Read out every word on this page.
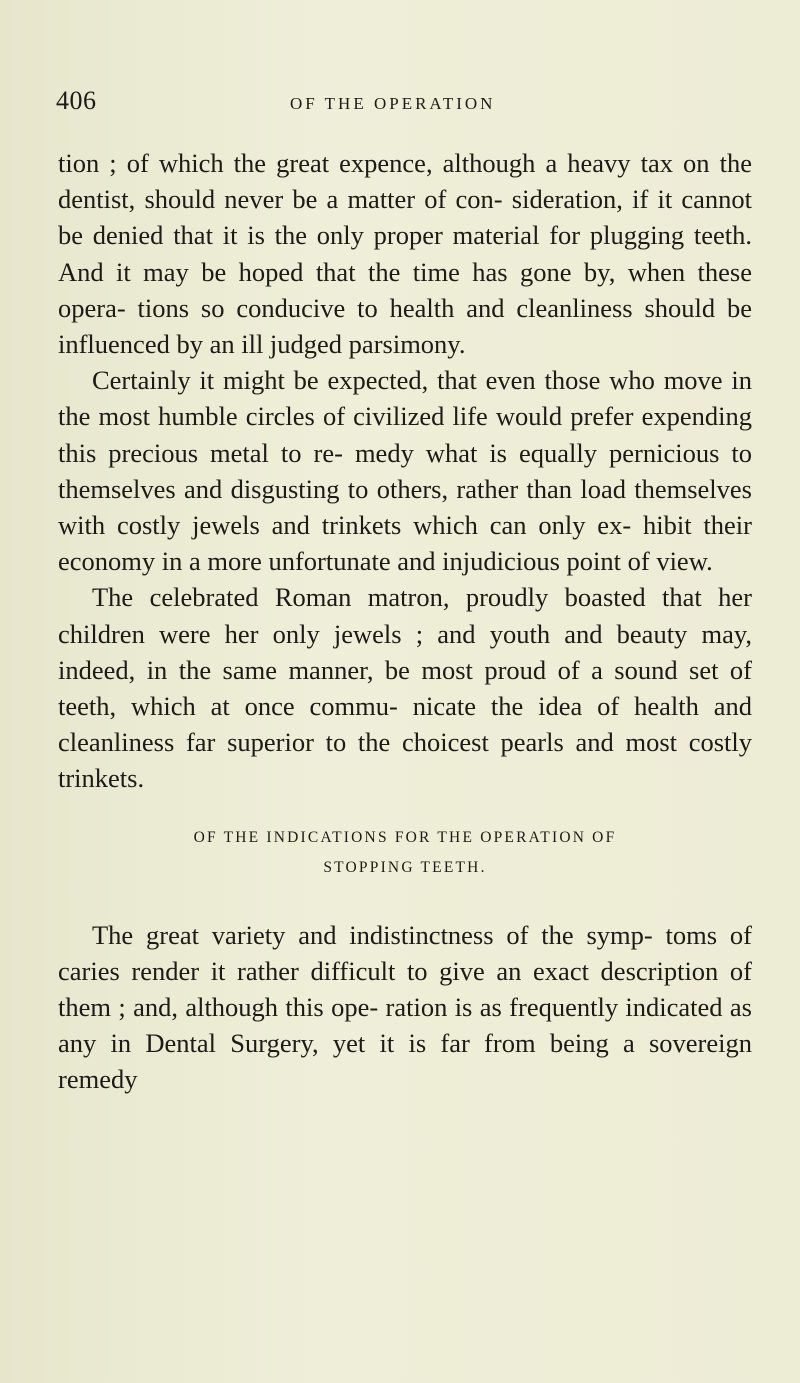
406	OF THE OPERATION

tion ; of which the great expence, although a heavy tax on the dentist, should never be a matter of con- sideration, if it cannot be denied that it is the only proper material for plugging teeth. And it may be hoped that the time has gone by, when these opera- tions so conducive to health and cleanliness should be influenced by an ill judged parsimony.

Certainly it might be expected, that even those who move in the most humble circles of civilized life would prefer expending this precious metal to re- medy what is equally pernicious to themselves and disgusting to others, rather than load themselves with costly jewels and trinkets which can only ex- hibit their economy in a more unfortunate and injudicious point of view.

The celebrated Roman matron, proudly boasted that her children were her only jewels ; and youth and beauty may, indeed, in the same manner, be most proud of a sound set of teeth, which at once commu- nicate the idea of health and cleanliness far superior to the choicest pearls and most costly trinkets.

OF THE INDICATIONS FOR THE OPERATION OF
STOPPING TEETH.

The great variety and indistinctness of the symp- toms of caries render it rather difficult to give an exact description of them ; and, although this ope- ration is as frequently indicated as any in Dental Surgery, yet it is far from being a sovereign remedy
